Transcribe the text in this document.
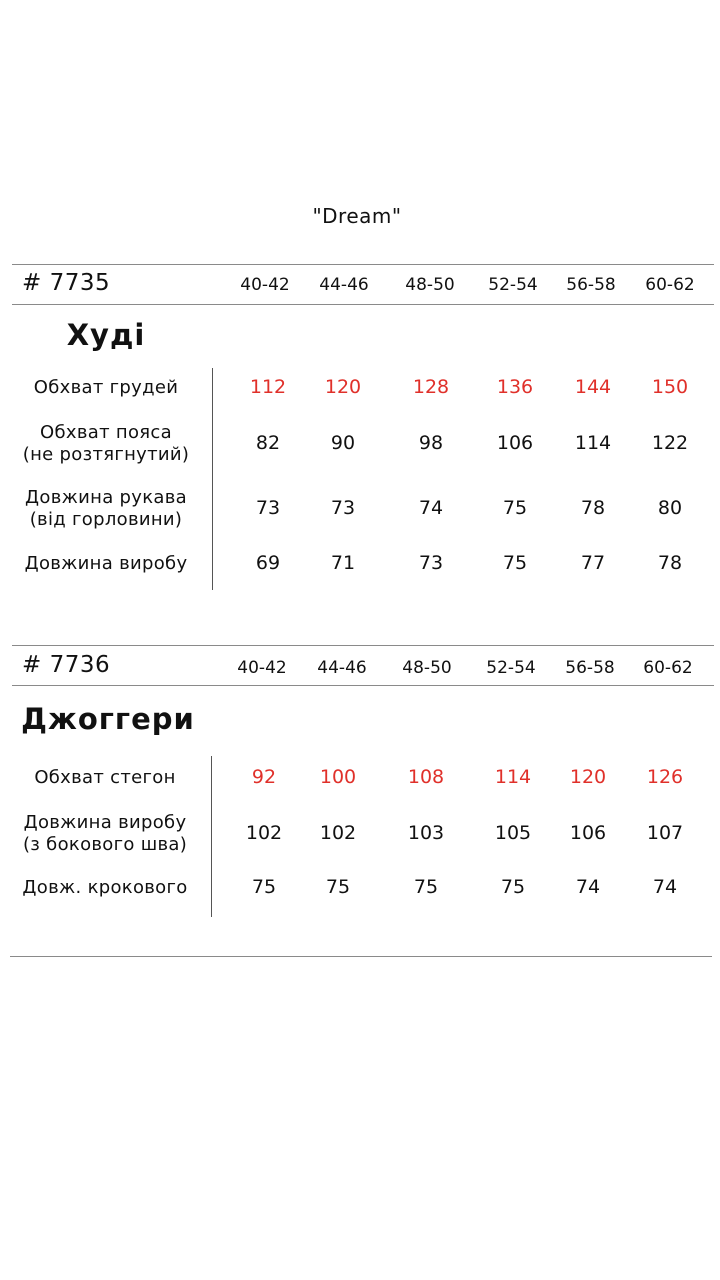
"Dream"
# 7735	40-42	44-46	48-50	52-54	56-58	60-62
Худі
Обхват грудей	112	120	128	136	144	150
Обхват пояса
(не розтягнутий)
82	90	98	106	114	122
Довжина рукава
(від горловини)
73	73	74	75	78	80
Довжина виробу	69	71	73	75	77	78
# 7736	40-42	44-46	48-50	52-54	56-58	60-62
Джоггери
Обхват стегон	92	100	108	114	120	126
Довжина виробу
(з бокового шва)
102	102	103	105	106	107
Довж. крокового	75	75	75	75	74	74
